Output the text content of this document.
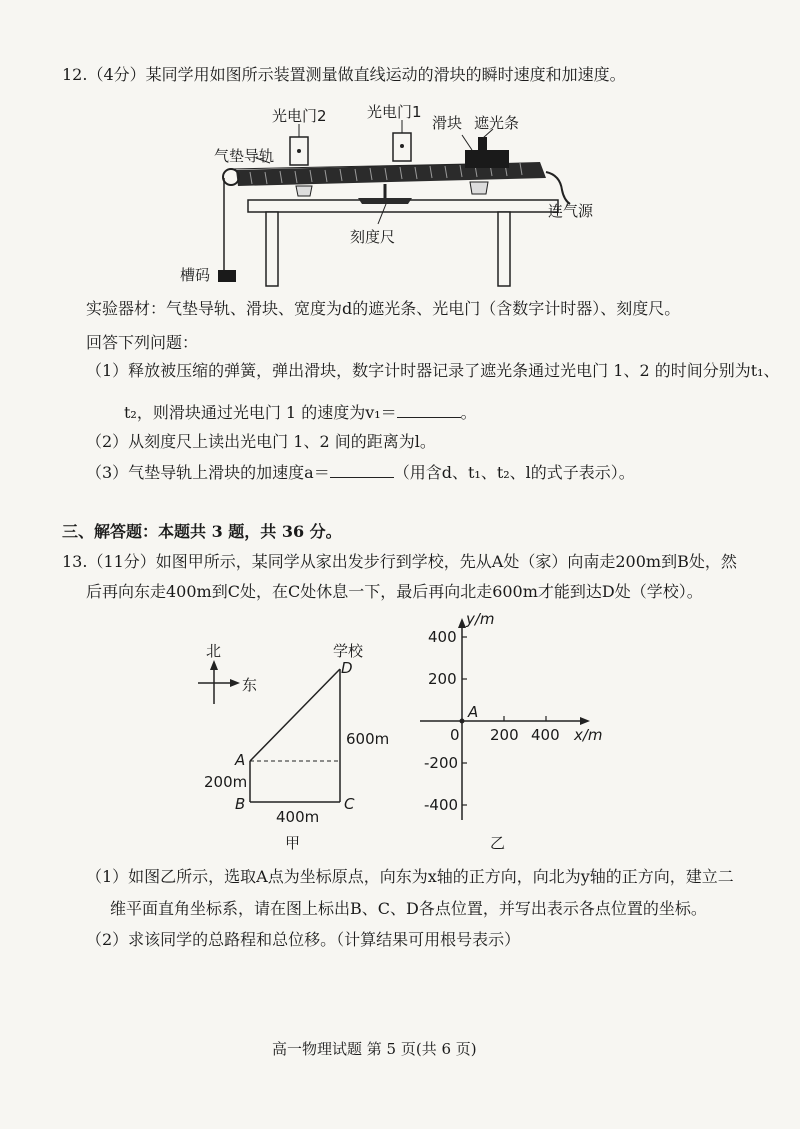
12.（4分）某同学用如图所示装置测量做直线运动的滑块的瞬时速度和加速度。
光电门2	光电门1
滑块 遮光条
气垫导轨
连气源
刻度尺
槽码
实验器材：气垫导轨、滑块、宽度为d的遮光条、光电门（含数字计时器）、刻度尺。
回答下列问题：
（1）释放被压缩的弹簧，弹出滑块，数字计时器记录了遮光条通过光电门 1、2 的时间分别为t₁、
t₂，则滑块通过光电门 1 的速度为v₁＝	。
（2）从刻度尺上读出光电门 1、2 间的距离为l。
（3）气垫导轨上滑块的加速度a＝	（用含d、t₁、t₂、l的式子表示）。
三、解答题：本题共 3 题，共 36 分。
13.（11分）如图甲所示，某同学从家出发步行到学校，先从A处（家）向南走200m到B处，然
后再向东走400m到C处，在C处休息一下，最后再向北走600m才能到达D处（学校）。
北
东
学校
D
A
B	C
200m
400m
600m
甲
y/m
x/m
0
A
400
200
-200
-400
200 400
乙
（1）如图乙所示，选取A点为坐标原点，向东为x轴的正方向，向北为y轴的正方向，建立二
维平面直角坐标系，请在图上标出B、C、D各点位置，并写出表示各点位置的坐标。
（2）求该同学的总路程和总位移。（计算结果可用根号表示）
高一物理试题 第 5 页(共 6 页)
